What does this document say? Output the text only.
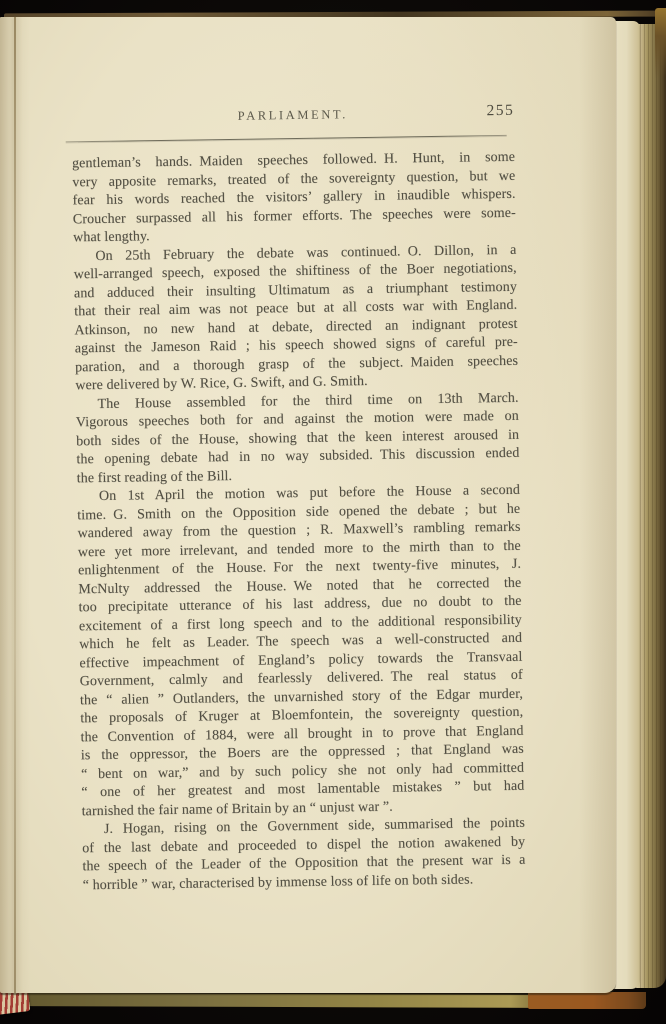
PARLIAMENT.	255
gentleman’s hands. Maiden speeches followed. H. Hunt, in some
very apposite remarks, treated of the sovereignty question, but we
fear his words reached the visitors’ gallery in inaudible whispers.
Croucher surpassed all his former efforts. The speeches were some-
what lengthy.
On 25th February the debate was continued. O. Dillon, in a
well-arranged speech, exposed the shiftiness of the Boer negotiations,
and adduced their insulting Ultimatum as a triumphant testimony
that their real aim was not peace but at all costs war with England.
Atkinson, no new hand at debate, directed an indignant protest
against the Jameson Raid ; his speech showed signs of careful pre-
paration, and a thorough grasp of the subject. Maiden speeches
were delivered by W. Rice, G. Swift, and G. Smith.
The House assembled for the third time on 13th March.
Vigorous speeches both for and against the motion were made on
both sides of the House, showing that the keen interest aroused in
the opening debate had in no way subsided. This discussion ended
the first reading of the Bill.
On 1st April the motion was put before the House a second
time. G. Smith on the Opposition side opened the debate ; but he
wandered away from the question ; R. Maxwell’s rambling remarks
were yet more irrelevant, and tended more to the mirth than to the
enlightenment of the House. For the next twenty-five minutes, J.
McNulty addressed the House. We noted that he corrected the
too precipitate utterance of his last address, due no doubt to the
excitement of a first long speech and to the additional responsibility
which he felt as Leader. The speech was a well-constructed and
effective impeachment of England’s policy towards the Transvaal
Government, calmly and fearlessly delivered. The real status of
the “ alien ” Outlanders, the unvarnished story of the Edgar murder,
the proposals of Kruger at Bloemfontein, the sovereignty question,
the Convention of 1884, were all brought in to prove that England
is the oppressor, the Boers are the oppressed ; that England was
“ bent on war,” and by such policy she not only had committed
“ one of her greatest and most lamentable mistakes ” but had
tarnished the fair name of Britain by an “ unjust war ”.
J. Hogan, rising on the Government side, summarised the points
of the last debate and proceeded to dispel the notion awakened by
the speech of the Leader of the Opposition that the present war is a
“ horrible ” war, characterised by immense loss of life on both sides.
